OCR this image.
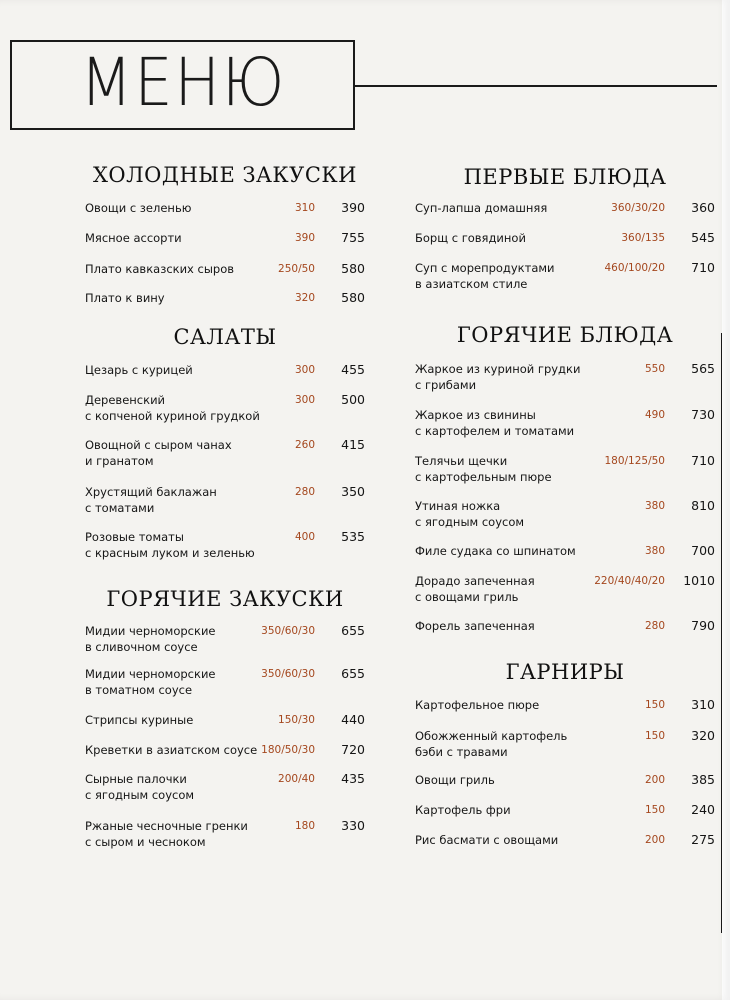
МЕНЮ
ХОЛОДНЫЕ ЗАКУСКИ
Овощи с зеленью	310 390
Мясное ассорти	390 755
Плато кавказских сыров	250/50 580
Плато к вину	320 580
САЛАТЫ
Цезарь с курицей	300 455
Деревенский
с копченой куриной грудкой
300 500
Овощной с сыром чанах
и гранатом
260 415
Хрустящий баклажан
с томатами
280 350
Розовые томаты
с красным луком и зеленью
400 535
ГОРЯЧИЕ ЗАКУСКИ
Мидии черноморские
в сливочном соусе
350/60/30 655
Мидии черноморские
в томатном соусе
350/60/30 655
Стрипсы куриные	150/30 440
Креветки в азиатском соусе 180/50/30 720
Сырные палочки
с ягодным соусом
200/40 435
Ржаные чесночные гренки
с сыром и чесноком
180 330
ПЕРВЫЕ БЛЮДА
Суп-лапша домашняя	360/30/20 360
Борщ с говядиной	360/135 545
Суп с морепродуктами
в азиатском стиле
460/100/20 710
ГОРЯЧИЕ БЛЮДА
Жаркое из куриной грудки
с грибами
550 565
Жаркое из свинины
с картофелем и томатами
490 730
Телячьи щечки
с картофельным пюре
180/125/50 710
Утиная ножка
с ягодным соусом
380 810
Филе судака со шпинатом	380 700
Дорадо запеченная
с овощами гриль
220/40/40/20 1010
Форель запеченная	280 790
ГАРНИРЫ
Картофельное пюре	150 310
Обожженный картофель
бэби с травами
150 320
Овощи гриль	200 385
Картофель фри	150 240
Рис басмати с овощами	200 275
